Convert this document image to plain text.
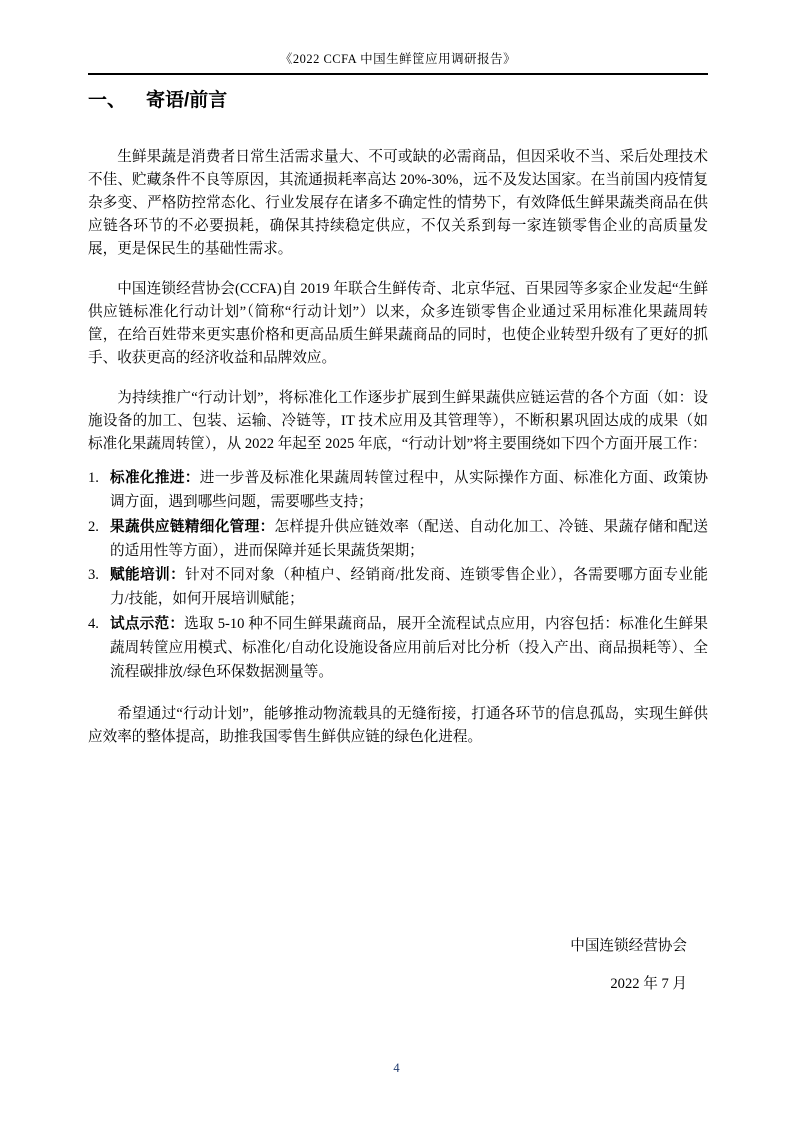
《2022 CCFA 中国生鲜筐应用调研报告》
一、 寄语/前言

生鲜果蔬是消费者日常生活需求量大、不可或缺的必需商品，但因采收不当、采后处理技术不佳、贮藏条件不良等原因，其流通损耗率高达 20%-30%，远不及发达国家。在当前国内疫情复杂多变、严格防控常态化、行业发展存在诸多不确定性的情势下，有效降低生鲜果蔬类商品在供应链各环节的不必要损耗，确保其持续稳定供应，不仅关系到每一家连锁零售企业的高质量发展，更是保民生的基础性需求。

中国连锁经营协会(CCFA)自 2019 年联合生鲜传奇、北京华冠、百果园等多家企业发起“生鲜供应链标准化行动计划”（简称“行动计划”）以来，众多连锁零售企业通过采用标准化果蔬周转筐，在给百姓带来更实惠价格和更高品质生鲜果蔬商品的同时，也使企业转型升级有了更好的抓手、收获更高的经济收益和品牌效应。

为持续推广“行动计划”，将标准化工作逐步扩展到生鲜果蔬供应链运营的各个方面（如：设施设备的加工、包装、运输、冷链等，IT 技术应用及其管理等），不断积累巩固达成的成果（如标准化果蔬周转筐），从 2022 年起至 2025 年底，“行动计划”将主要围绕如下四个方面开展工作：

1. 标准化推进：进一步普及标准化果蔬周转筐过程中，从实际操作方面、标准化方面、政策协调方面，遇到哪些问题，需要哪些支持；
2. 果蔬供应链精细化管理：怎样提升供应链效率（配送、自动化加工、冷链、果蔬存储和配送的适用性等方面），进而保障并延长果蔬货架期；
3. 赋能培训：针对不同对象（种植户、经销商/批发商、连锁零售企业），各需要哪方面专业能力/技能，如何开展培训赋能；
4. 试点示范：选取 5-10 种不同生鲜果蔬商品，展开全流程试点应用，内容包括：标准化生鲜果蔬周转筐应用模式、标准化/自动化设施设备应用前后对比分析（投入产出、商品损耗等）、全流程碳排放/绿色环保数据测量等。

希望通过“行动计划”，能够推动物流载具的无缝衔接，打通各环节的信息孤岛，实现生鲜供应效率的整体提高，助推我国零售生鲜供应链的绿色化进程。

中国连锁经营协会

2022 年 7 月

4
